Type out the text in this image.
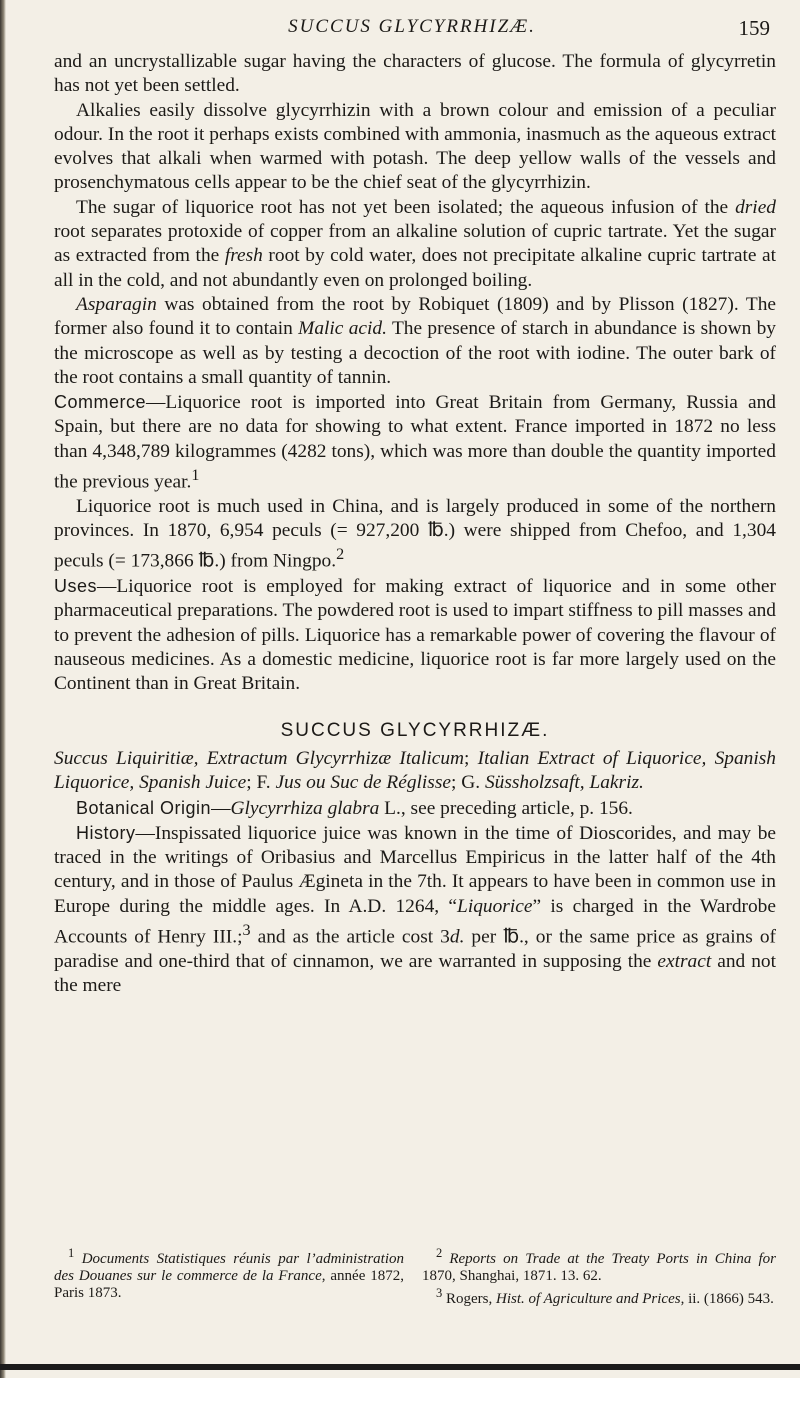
SUCCUS GLYCYRRHIZÆ.	159

and an uncrystallizable sugar having the characters of glucose. The formula of glycyrretin has not yet been settled.

Alkalies easily dissolve glycyrrhizin with a brown colour and emission of a peculiar odour. In the root it perhaps exists combined with ammonia, inasmuch as the aqueous extract evolves that alkali when warmed with potash. The deep yellow walls of the vessels and prosenchymatous cells appear to be the chief seat of the glycyrrhizin.

The sugar of liquorice root has not yet been isolated; the aqueous infusion of the dried root separates protoxide of copper from an alkaline solution of cupric tartrate. Yet the sugar as extracted from the fresh root by cold water, does not precipitate alkaline cupric tartrate at all in the cold, and not abundantly even on prolonged boiling.

Asparagin was obtained from the root by Robiquet (1809) and by Plisson (1827). The former also found it to contain Malic acid. The presence of starch in abundance is shown by the microscope as well as by testing a decoction of the root with iodine. The outer bark of the root contains a small quantity of tannin.

Commerce—Liquorice root is imported into Great Britain from Germany, Russia and Spain, but there are no data for showing to what extent. France imported in 1872 no less than 4,348,789 kilogrammes (4282 tons), which was more than double the quantity imported the previous year.$^1$

Liquorice root is much used in China, and is largely produced in some of the northern provinces. In 1870, 6,954 peculs (= 927,200 ℔.) were shipped from Chefoo, and 1,304 peculs (= 173,866 ℔.) from Ningpo.$^2$

Uses—Liquorice root is employed for making extract of liquorice and in some other pharmaceutical preparations. The powdered root is used to impart stiffness to pill masses and to prevent the adhesion of pills. Liquorice has a remarkable power of covering the flavour of nauseous medicines. As a domestic medicine, liquorice root is far more largely used on the Continent than in Great Britain.

SUCCUS GLYCYRRHIZÆ.

Succus Liquiritiæ, Extractum Glycyrrhizæ Italicum; Italian Extract of Liquorice, Spanish Liquorice, Spanish Juice; F. Jus ou Suc de Réglisse; G. Süssholzsaft, Lakriz.

Botanical Origin—Glycyrrhiza glabra L., see preceding article, p. 156.

History—Inspissated liquorice juice was known in the time of Dioscorides, and may be traced in the writings of Oribasius and Marcellus Empiricus in the latter half of the 4th century, and in those of Paulus Ægineta in the 7th. It appears to have been in common use in Europe during the middle ages. In A.D. 1264, “Liquorice” is charged in the Wardrobe Accounts of Henry III.;$^3$ and as the article cost 3d. per ℔., or the same price as grains of paradise and one-third that of cinnamon, we are warranted in supposing the extract and not the mere

$^1$ Documents Statistiques réunis par l’administration des Douanes sur le commerce de la France, année 1872, Paris 1873.

$^2$ Reports on Trade at the Treaty Ports in China for 1870, Shanghai, 1871. 13. 62.

$^3$ Rogers, Hist. of Agriculture and Prices, ii. (1866) 543.
